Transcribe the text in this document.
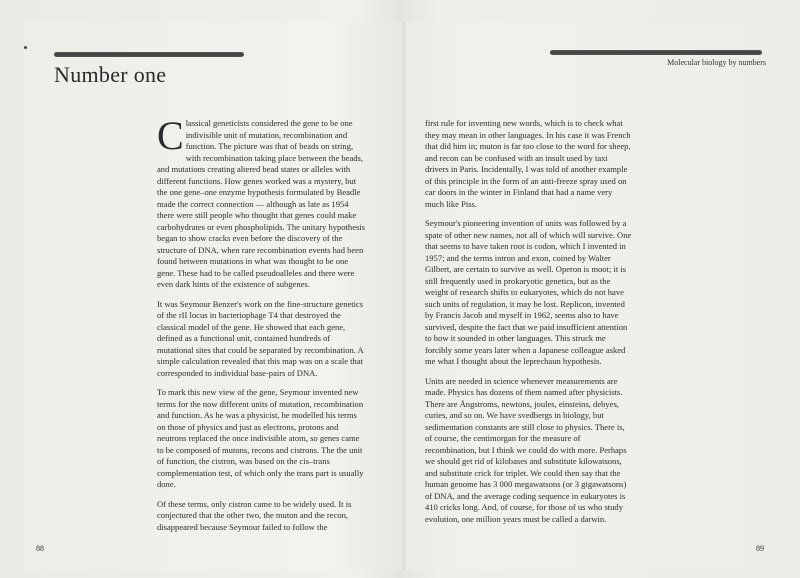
Number one	Molecular biology by numbers

Classical geneticists considered the gene to be one indivisible unit of mutation, recombination and function. The picture was that of beads on string, with recombination taking place between the beads, and mutations creating altered bead states or alleles with different functions. How genes worked was a mystery, but the one gene–one enzyme hypothesis formulated by Beadle made the correct connection — although as late as 1954 there were still people who thought that genes could make carbohydrates or even phospholipids. The unitary hypothesis began to show cracks even before the discovery of the structure of DNA, when rare recombination events had been found between mutations in what was thought to be one gene. These had to be called pseudoalleles and there were even dark hints of the existence of subgenes.

It was Seymour Benzer's work on the fine-structure genetics of the rII locus in bacteriophage T4 that destroyed the classical model of the gene. He showed that each gene, defined as a functional unit, contained hundreds of mutational sites that could be separated by recombination. A simple calculation revealed that this map was on a scale that corresponded to individual base-pairs of DNA.

To mark this new view of the gene, Seymour invented new terms for the now different units of mutation, recombination and function. As he was a physicist, he modelled his terms on those of physics and just as electrons, protons and neutrons replaced the once indivisible atom, so genes came to be composed of mutons, recons and cistrons. The the unit of function, the cistron, was based on the cis–trans complementation test, of which only the trans part is usually done.

Of these terms, only cistron came to be widely used. It is conjectured that the other two, the muton and the recon, disappeared because Seymour failed to follow the

first rule for inventing new words, which is to check what they may mean in other languages. In his case it was French that did him in; muton is far too close to the word for sheep, and recon can be confused with an insult used by taxi drivers in Paris. Incidentally, I was told of another example of this principle in the form of an anti-freeze spray used on car doors in the winter in Finland that had a name very much like Piss.

Seymour's pioneering invention of units was followed by a spate of other new names, not all of which will survive. One that seems to have taken root is codon, which I invented in 1957; and the terms intron and exon, coined by Walter Gilbert, are certain to survive as well. Operon is moot; it is still frequently used in prokaryotic genetics, but as the weight of research shifts to eukaryotes, which do not have such units of regulation, it may be lost. Replicon, invented by Francis Jacob and myself in 1962, seems also to have survived, despite the fact that we paid insufficient attention to how it sounded in other languages. This struck me forcibly some years later when a Japanese colleague asked me what I thought about the leprechaun hypothesis.

Units are needed in science whenever measurements are made. Physics has dozens of them named after physicists. There are Ångstroms, newtons, joules, einsteins, debyes, curies, and so on. We have svedbergs in biology, but sedimentation constants are still close to physics. There is, of course, the centimorgan for the measure of recombination, but I think we could do with more. Perhaps we should get rid of kilobases and substitute kilowatsons, and substitute crick for triplet. We could then say that the human genome has 3 000 megawatsons (or 3 gigawatsons) of DNA, and the average coding sequence in eukaryotes is 410 cricks long. And, of course, for those of us who study evolution, one million years must be called a darwin.

88	89
